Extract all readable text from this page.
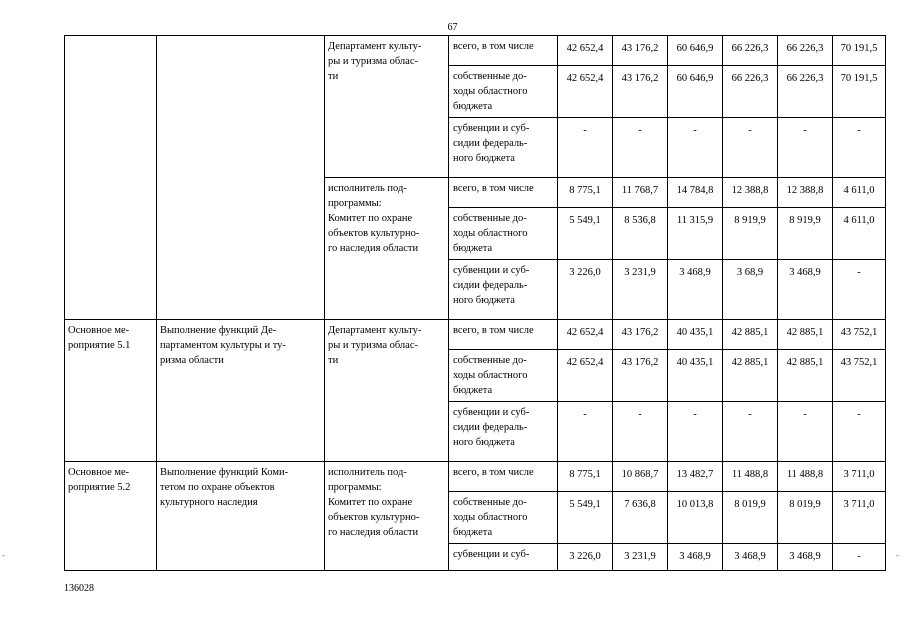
67
		Департамент культу-
ры и туризма облас-
ти	всего, в том числе	42 652,4	43 176,2	60 646,9	66 226,3	66 226,3	70 191,5
			собственные до-
ходы областного
бюджета	42 652,4	43 176,2	60 646,9	66 226,3	66 226,3	70 191,5
			субвенции и суб-
сидии федераль-
ного бюджета	-	-	-	-	-	-
		исполнитель под-
программы:
Комитет по охране
объектов культурно-
го наследия области	всего, в том числе	8 775,1	11 768,7	14 784,8	12 388,8	12 388,8	4 611,0
			собственные до-
ходы областного
бюджета	5 549,1	8 536,8	11 315,9	8 919,9	8 919,9	4 611,0
			субвенции и суб-
сидии федераль-
ного бюджета	3 226,0	3 231,9	3 468,9	3 68,9	3 468,9	-
Основное ме-
роприятие 5.1	Выполнение функций Де-
партаментом культуры и ту-
ризма области	Департамент культу-
ры и туризма облас-
ти	всего, в том числе	42 652,4	43 176,2	40 435,1	42 885,1	42 885,1	43 752,1
			собственные до-
ходы областного
бюджета	42 652,4	43 176,2	40 435,1	42 885,1	42 885,1	43 752,1
			субвенции и суб-
сидии федераль-
ного бюджета	-	-	-	-	-	-
Основное ме-
роприятие 5.2	Выполнение функций Коми-
тетом по охране объектов
культурного наследия	исполнитель под-
программы:
Комитет по охране
объектов культурно-
го наследия области	всего, в том числе	8 775,1	10 868,7	13 482,7	11 488,8	11 488,8	3 711,0
			собственные до-
ходы областного
бюджета	5 549,1	7 636,8	10 013,8	8 019,9	8 019,9	3 711,0
			субвенции и суб-	3 226,0	3 231,9	3 468,9	3 468,9	3 468,9	-
-	-
136028
